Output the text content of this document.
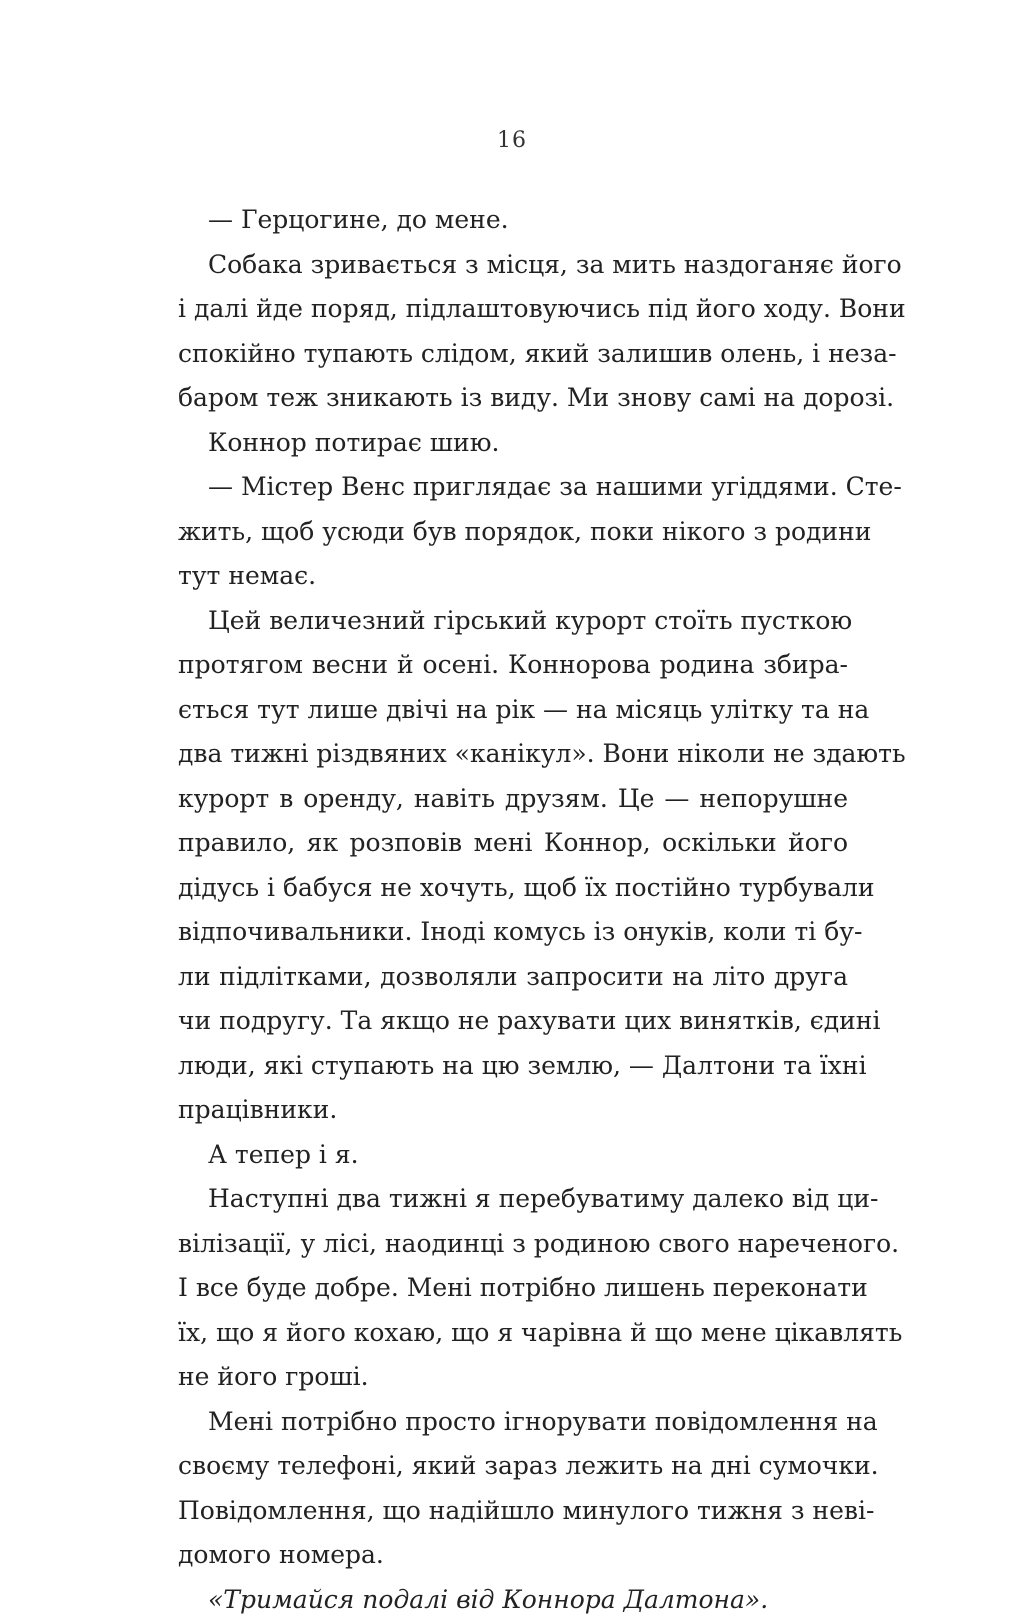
16
— Герцогине, до мене.
Собака зривається з місця, за мить наздоганяє його
і далі йде поряд, підлаштовуючись під його ходу. Вони
спокійно тупають слідом, який залишив олень, і неза-
баром теж зникають із виду. Ми знову самі на дорозі.
Коннор потирає шию.
— Містер Венс приглядає за нашими угіддями. Сте-
жить, щоб усюди був порядок, поки нікого з родини
тут немає.
Цей величезний гірський курорт стоїть пусткою
протягом весни й осені. Конноровa родина збира-
ється тут лише двічі на рік — на місяць улітку та на
два тижні різдвяних «канікул». Вони ніколи не здають
курорт в оренду, навіть друзям. Це — непорушне
правило, як розповів мені Коннор, оскільки його
дідусь і бабуся не хочуть, щоб їх постійно турбували
відпочивальники. Іноді комусь із онуків, коли ті бу-
ли підлітками, дозволяли запросити на літо друга
чи подругу. Та якщо не рахувати цих винятків, єдині
люди, які ступають на цю землю, — Далтони та їхні
працівники.
А тепер і я.
Наступні два тижні я перебуватиму далеко від ци-
вілізації, у лісі, наодинці з родиною свого нареченого.
І все буде добре. Мені потрібно лишень переконати
їх, що я його кохаю, що я чарівна й що мене цікавлять
не його гроші.
Мені потрібно просто ігнорувати повідомлення на
своєму телефоні, який зараз лежить на дні сумочки.
Повідомлення, що надійшло минулого тижня з неві-
домого номера.
«Тримайся подалі від Коннора Далтона».
